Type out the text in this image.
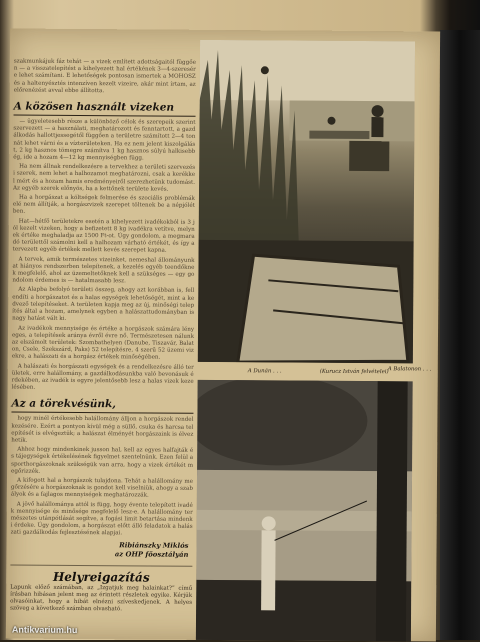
szakmunkájuk fáz tehát — a vizek említett adottságaitól függően — a visszatelepítést a kihelyezett hal értékének 3—4-szeresére lehet számítani. E lehetőségek pontosan ismertek a MOHOSZ és a haltenyésztés intenzíven kezelt vizeire, akár mint írtam, az előrenézést avval ebbe állította.

A közösen használt vizeken

— ügyeletesebb része a különböző célok és szerepeik szerint szervezett — a használati, meghatározott és fenntartott, a gazdálkodás hallottjessegétől függően a területre számított 2—4 tonnát lehet várni és a vízterületeken. Ha ez nem jelent kiszolgálást, 2 kg hasznos tömegre számítva 1 kg hasznos súlyú halkisebbég, ide a hozam 4—12 kg mennyiségben függ.

Ha nem állnak rendelkezésre a tervekhez a területi szervezési szerek, nem lehet a halhozamot meghatározni, csak a kerékkel mért és a hozam hamis eredményeiről szerezhetünk tudomást. Az egyéb szerek előnyös, ha a kettőnek területe kevés.

Ha a horgászat a költségek felmerése és szociális problémák elé nem állítják, a horgászvizek szerepet töltenek be a népjólétben.

Hat—hétfő területekre esetén a kihelyezett ivadékokból is 3 jól kezelt vizeken, hogy a befizetett 8 kg ivadékra vetítve, melynek értéke meghaladja az 1500 Ft-ot. Úgy gondolom, a megmaradó területtől számolni kell a halhozam várható értékét, és így a tervezett egyéb értékek mellett kevés szerepet kapna.

A tervek, amik természetes vizeinket, nemeshal állományunkat hiányos rendszerben telepítenek, a kezelés egyéb teendőknek megfelelő, ahol az üzemeltetőknek kell a szükséges — egy gondolom érdemes is — hatalmasabb lesz.

Az Alapba befolyó területi összeg, ahogy azt korábban is, fellendíti a horgászatot és a halas egységek lehetőségét, mint a kedvező telepítéseket. A területen kapja meg az új, minőségi telepítés által a hozam, amelynek egyben a halászattudományban is nagy hatást vált ki.

Az ivadékok mennyisége és értéke a horgászok számára lényeges, a telepítések aránya évről évre nő. Természetesen nálunk az elszámolt területek: Szombathelyen (Danube, Tiszavár, Balaton, Csele, Szekszárd, Paks) 52 telepítésre, 4 szerű 52 üzemi vizekre, a halászati és a horgász értékek minőségében.

A halászati és horgászati egységek és a rendelkezésre álló területek, erre halállomány, a gazdálkodásunkba való bevonásuk érdekében, az ivadék is egyre jelentősebb lesz a halas vizek kezelésében.

Az a törekvésünk,

hogy minél értékesebb halállomány álljon a horgászok rendelkezésére. Ezért a pontyon kívül még a süllő, csuka és harcsa telepítését is elvégeztük; a halászat élményét horgászaink is élvezhetik.

Ahhoz hogy mindenkinek jusson hal, kell az egyes halfajták és tájegységek értékelésének figyelmet szentelnünk. Ezen felül a sporthorgászoknak szükségük van arra, hogy a vizek értékét megőrizzék.

A kifogott hal a horgászok tulajdona. Tehát a halállomány megőrzésére a horgászoknak is gondot kell viselniük, ahogy a szabályok és a fajlagos mennyiségek meghatározzák.

A jövő halállománya attól is függ, hogy évente telepített ivadék mennyisége és minősége megfelelő lesz-e. A halállomány természetes utánpótlását segítve, a fogási limit betartása mindenki érdeke. Úgy gondolom, a horgászat előtt álló feladatok a halászati gazdálkodás fejlesztésének alapjai.

Ribiánszky Miklós
az OHP főosztályán
Helyreigazítás
Lapunk előző számában, az „Izgatjuk meg halainkat?” című írásban hibásan jelent meg az érintett részletek egyike. Kérjük olvasóinkat, hogy a hibát elnézni szíveskedjenek. A helyes szöveg a következő számban olvasható.
A Balatonon . . .
A Dunán . . .	(Kurucz István felvételei)
Antikvarium.hu
